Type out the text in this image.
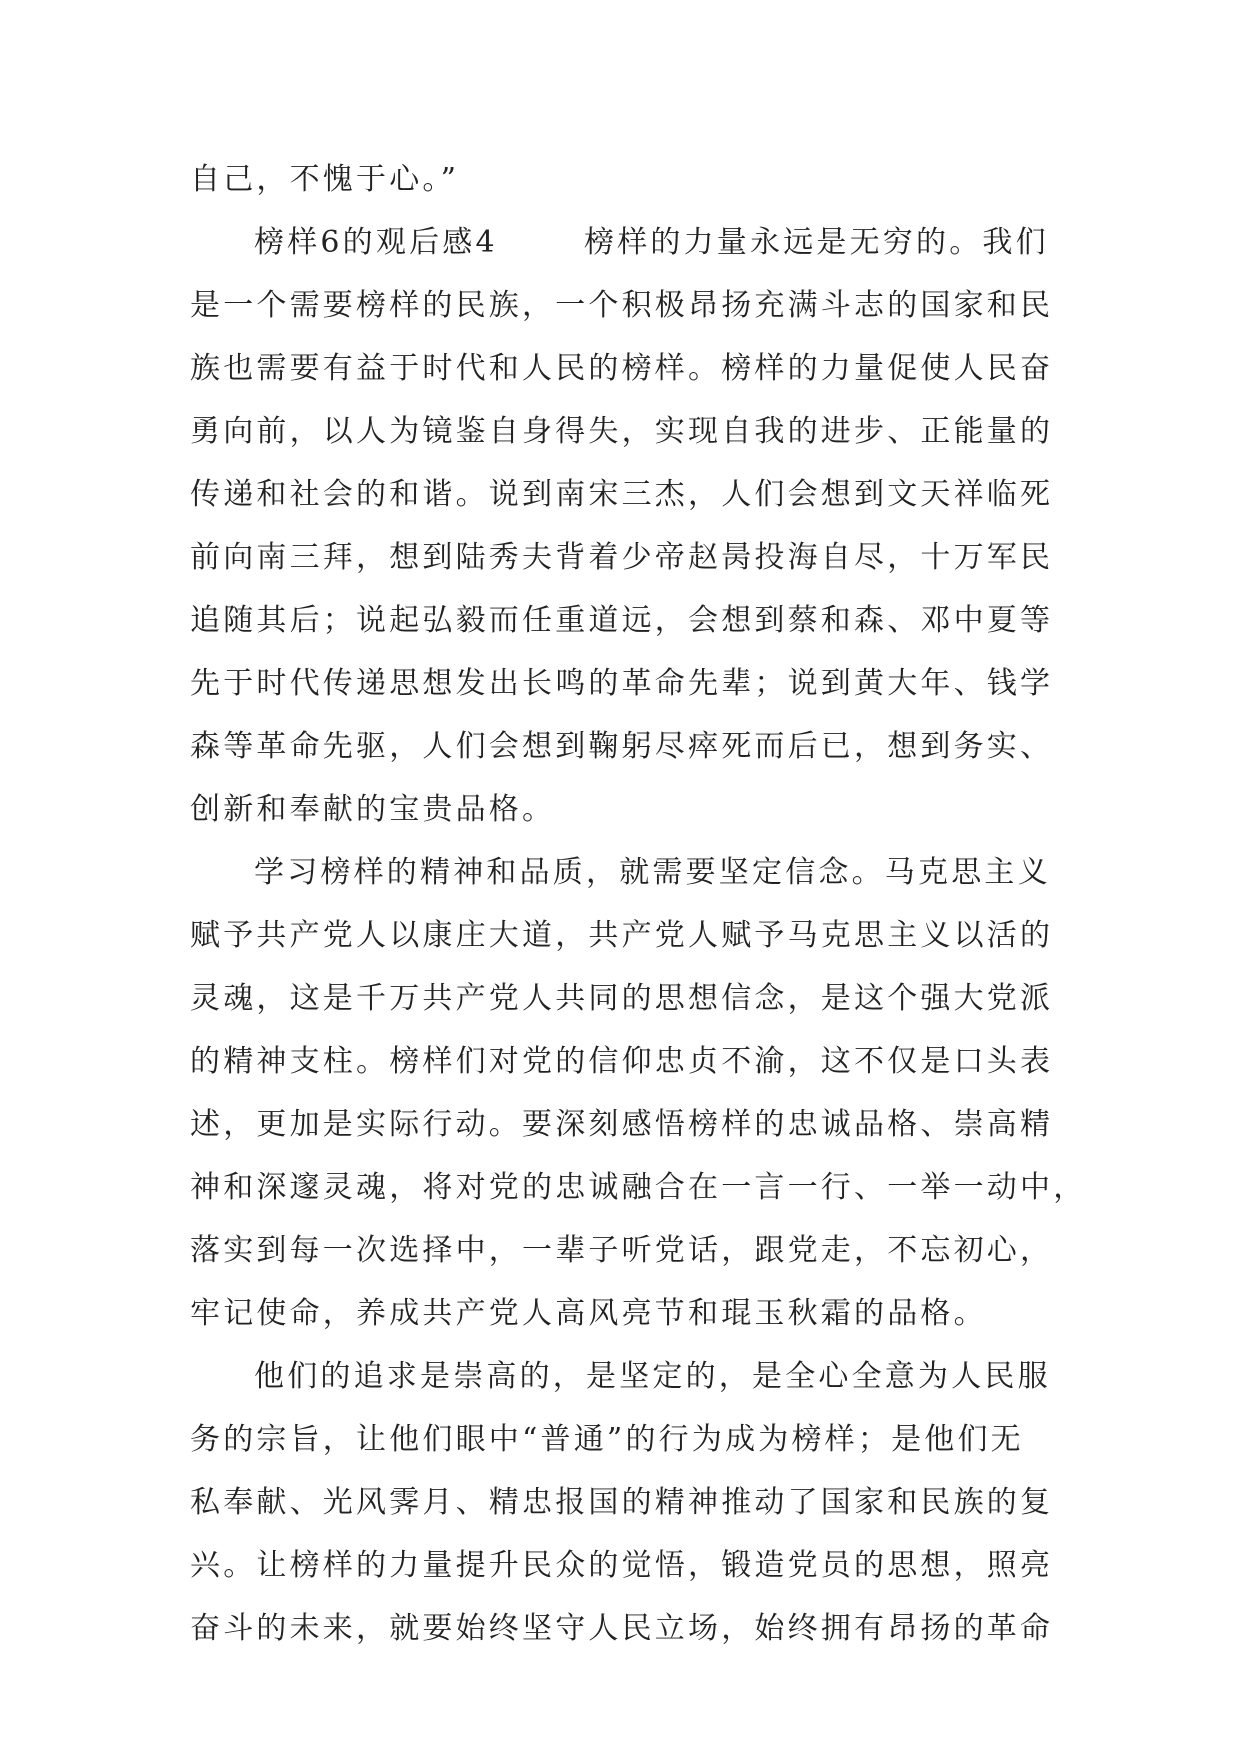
自己，不愧于心。”
榜样6的观后感4	榜样的力量永远是无穷的。我们
是一个需要榜样的民族，一个积极昂扬充满斗志的国家和民
族也需要有益于时代和人民的榜样。榜样的力量促使人民奋
勇向前，以人为镜鉴自身得失，实现自我的进步、正能量的
传递和社会的和谐。说到南宋三杰，人们会想到文天祥临死
前向南三拜，想到陆秀夫背着少帝赵昺投海自尽，十万军民
追随其后；说起弘毅而任重道远，会想到蔡和森、邓中夏等
先于时代传递思想发出长鸣的革命先辈；说到黄大年、钱学
森等革命先驱，人们会想到鞠躬尽瘁死而后已，想到务实、
创新和奉献的宝贵品格。
学习榜样的精神和品质，就需要坚定信念。马克思主义
赋予共产党人以康庄大道，共产党人赋予马克思主义以活的
灵魂，这是千万共产党人共同的思想信念，是这个强大党派
的精神支柱。榜样们对党的信仰忠贞不渝，这不仅是口头表
述，更加是实际行动。要深刻感悟榜样的忠诚品格、崇高精
神和深邃灵魂，将对党的忠诚融合在一言一行、一举一动中，
落实到每一次选择中，一辈子听党话，跟党走，不忘初心，
牢记使命，养成共产党人高风亮节和琨玉秋霜的品格。
他们的追求是崇高的，是坚定的，是全心全意为人民服
务的宗旨，让他们眼中“普通”的行为成为榜样；是他们无
私奉献、光风霁月、精忠报国的精神推动了国家和民族的复
兴。让榜样的力量提升民众的觉悟，锻造党员的思想，照亮
奋斗的未来，就要始终坚守人民立场，始终拥有昂扬的革命
